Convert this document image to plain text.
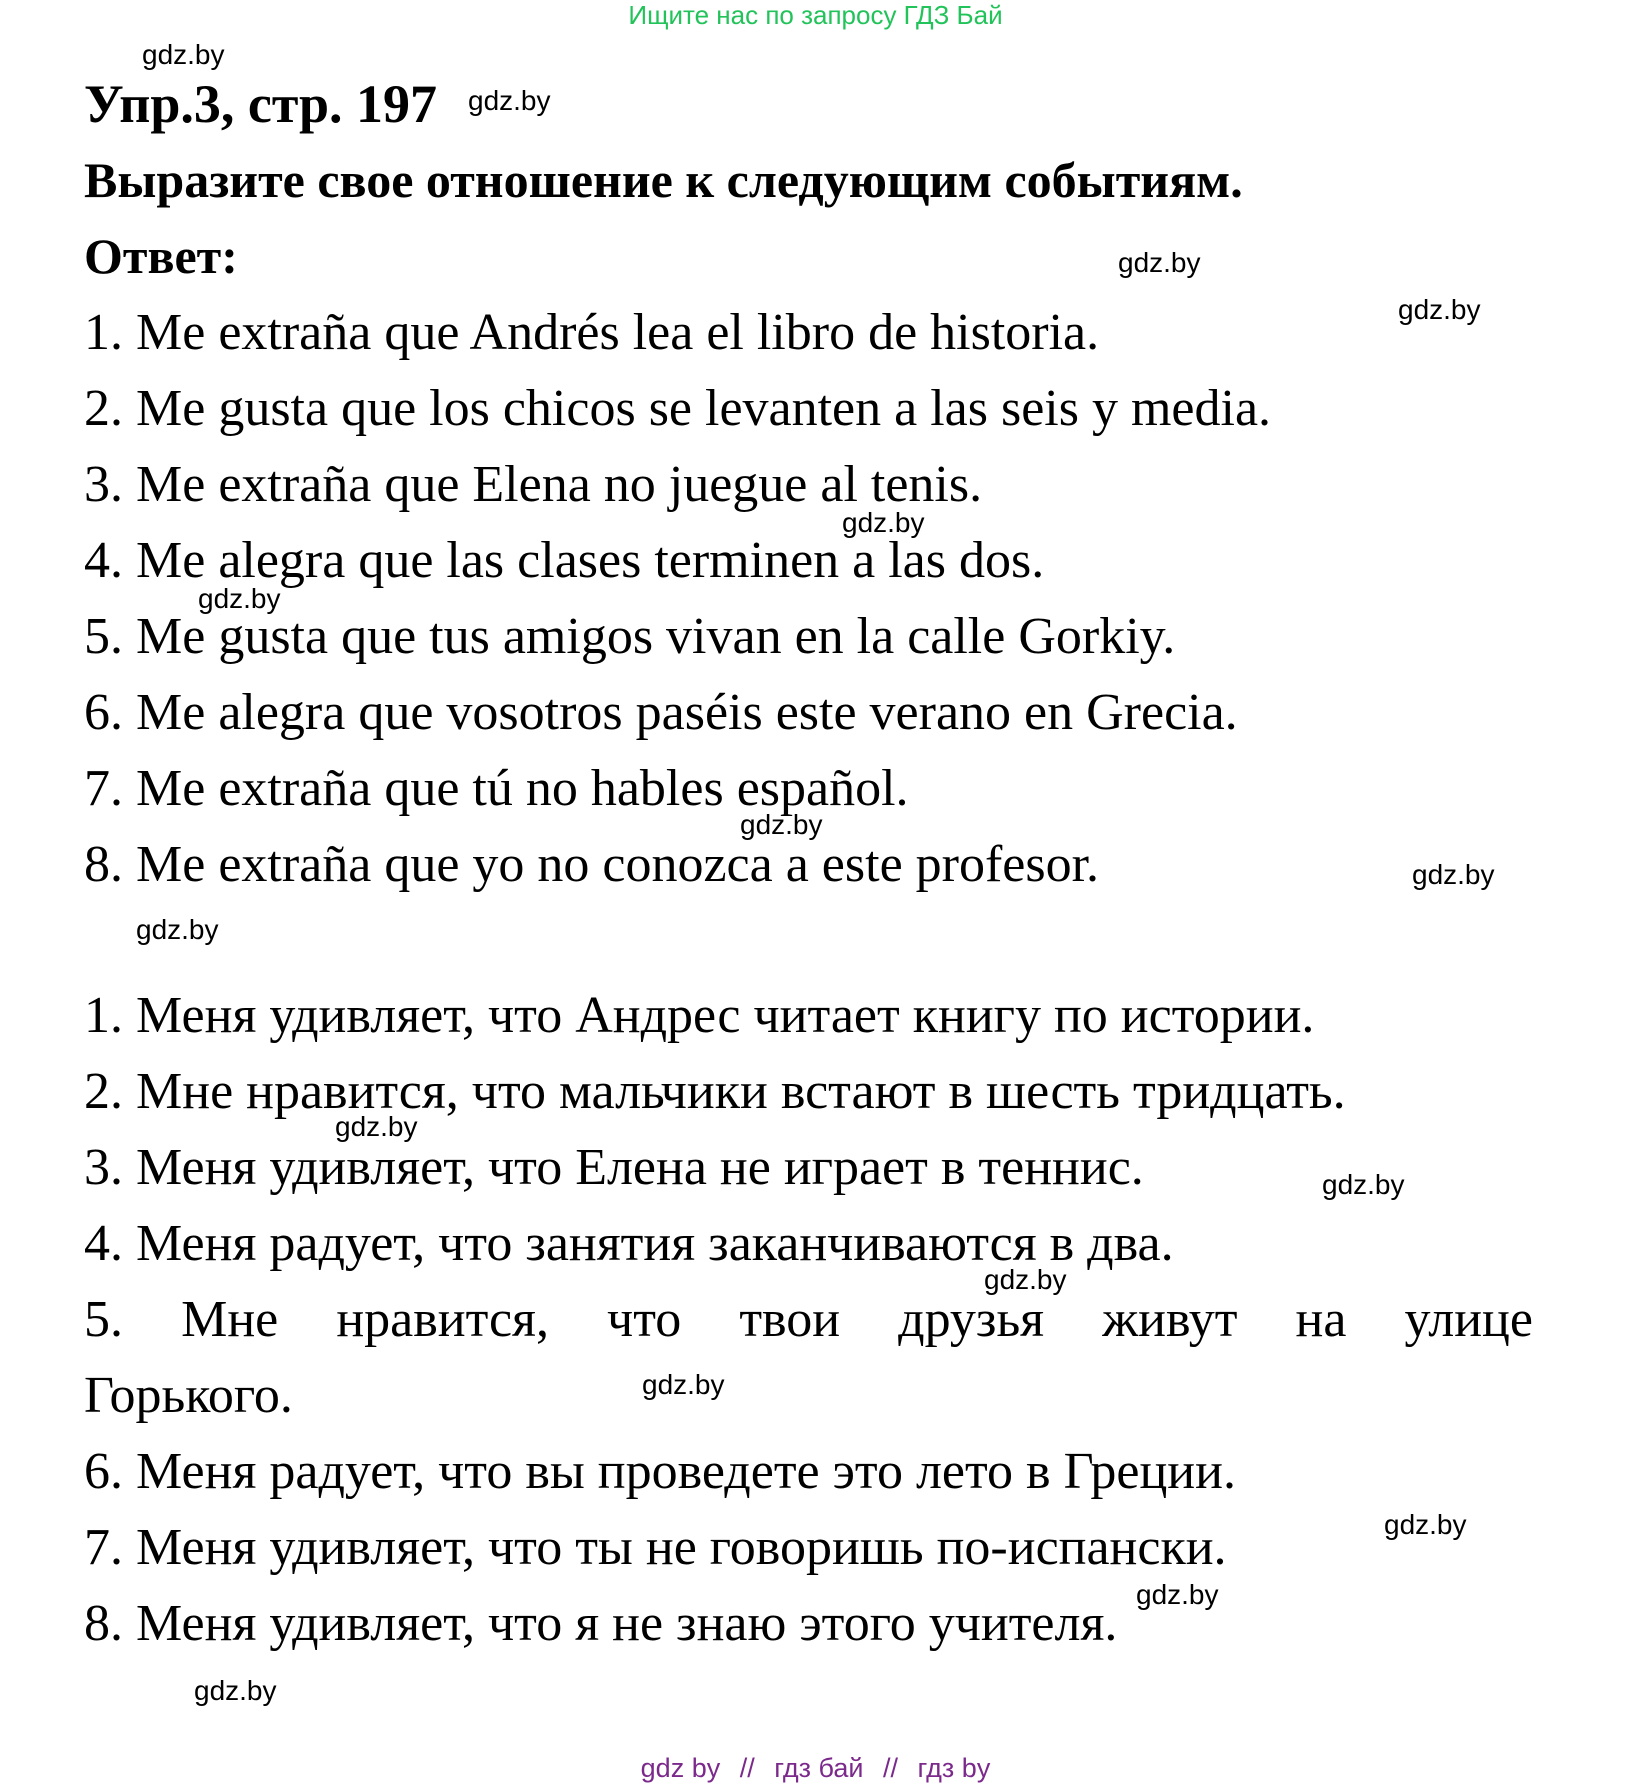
Ищите нас по запросу ГДЗ Бай
Упр.3, стр. 197
Выразите свое отношение к следующим событиям.
Ответ:
1. Me extraña que Andrés lea el libro de historia.
2. Me gusta que los chicos se levanten a las seis y media.
3. Me extraña que Elena no juegue al tenis.
4. Me alegra que las clases terminen a las dos.
5. Me gusta que tus amigos vivan en la calle Gorkiy.
6. Me alegra que vosotros paséis este verano en Grecia.
7. Me extraña que tú no hables español.
8. Me extraña que yo no conozca a este profesor.
1. Меня удивляет, что Андрес читает книгу по истории.
2. Мне нравится, что мальчики встают в шесть тридцать.
3. Меня удивляет, что Елена не играет в теннис.
4. Меня радует, что занятия заканчиваются в два.
5. Мне нравится, что твои друзья живут на улице
Горького.
6. Меня радует, что вы проведете это лето в Греции.
7. Меня удивляет, что ты не говоришь по-испански.
8. Меня удивляет, что я не знаю этого учителя.
gdz.by
gdz.by
gdz.by
gdz.by
gdz.by
gdz.by
gdz.by
gdz.by
gdz.by
gdz.by
gdz.by
gdz.by
gdz.by
gdz.by
gdz.by
gdz.by
gdz by // гдз бай // гдз by
